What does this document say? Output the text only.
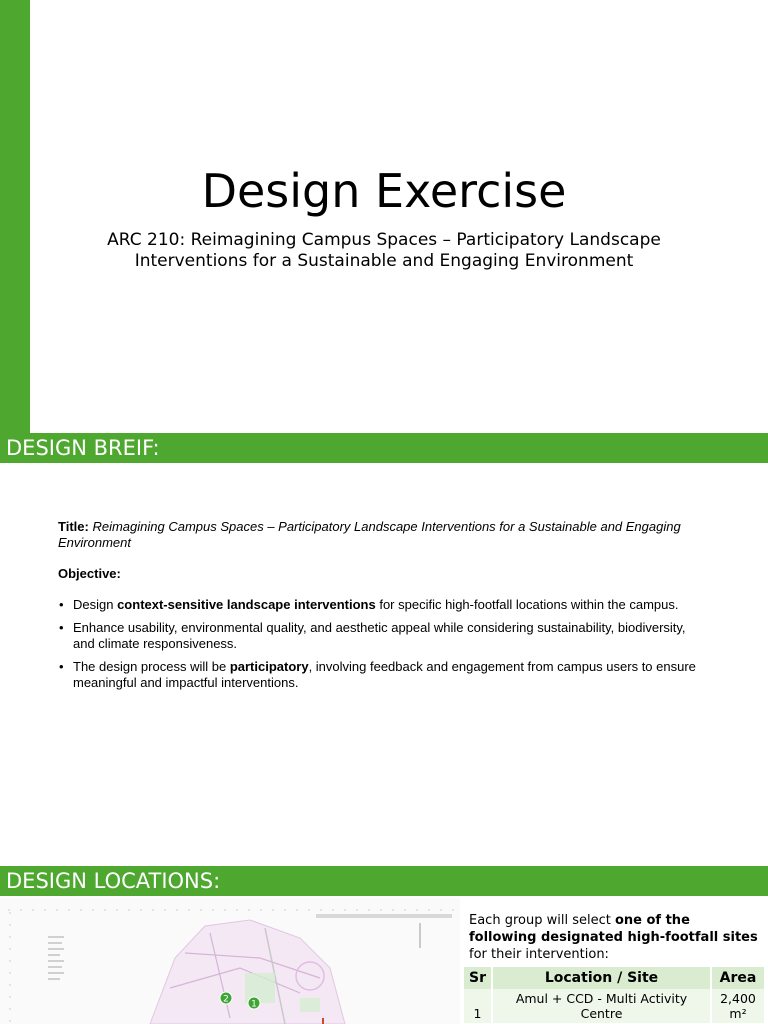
Design Exercise
ARC 210: Reimagining Campus Spaces – Participatory Landscape Interventions for a Sustainable and Engaging Environment
DESIGN BREIF:

Title: Reimagining Campus Spaces – Participatory Landscape Interventions for a Sustainable and Engaging Environment

Objective:

• Design context-sensitive landscape interventions for specific high-footfall locations within the campus.
• Enhance usability, environmental quality, and aesthetic appeal while considering sustainability, biodiversity, and climate responsiveness.
• The design process will be participatory, involving feedback and engagement from campus users to ensure meaningful and impactful interventions.
DESIGN LOCATIONS:
2 1
Each group will select one of the following designated high-footfall sites for their intervention:
Sr	Location / Site	Area
1	Amul + CCD - Multi Activity Centre	2,400 m²
